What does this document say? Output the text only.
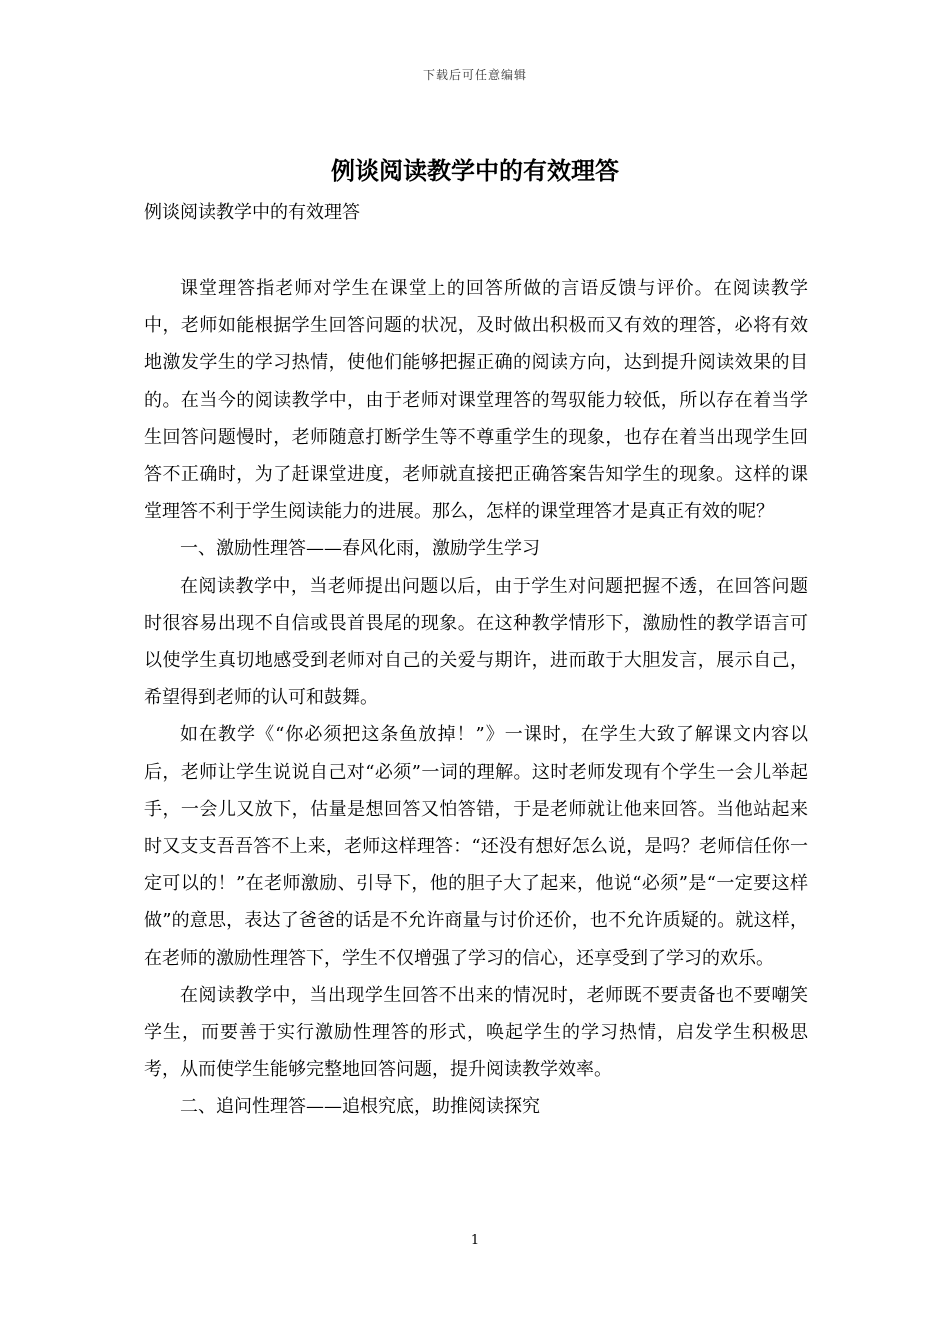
下载后可任意编辑
例谈阅读教学中的有效理答
例谈阅读教学中的有效理答

课堂理答指老师对学生在课堂上的回答所做的言语反馈与评价。在阅读教学中，老师如能根据学生回答问题的状况，及时做出积极而又有效的理答，必将有效地激发学生的学习热情，使他们能够把握正确的阅读方向，达到提升阅读效果的目的。在当今的阅读教学中，由于老师对课堂理答的驾驭能力较低，所以存在着当学生回答问题慢时，老师随意打断学生等不尊重学生的现象，也存在着当出现学生回答不正确时，为了赶课堂进度，老师就直接把正确答案告知学生的现象。这样的课堂理答不利于学生阅读能力的进展。那么，怎样的课堂理答才是真正有效的呢？

一、激励性理答——春风化雨，激励学生学习

在阅读教学中，当老师提出问题以后，由于学生对问题把握不透，在回答问题时很容易出现不自信或畏首畏尾的现象。在这种教学情形下，激励性的教学语言可以使学生真切地感受到老师对自己的关爱与期许，进而敢于大胆发言，展示自己，希望得到老师的认可和鼓舞。

如在教学《“你必须把这条鱼放掉！”》一课时，在学生大致了解课文内容以后，老师让学生说说自己对“必须”一词的理解。这时老师发现有个学生一会儿举起手，一会儿又放下，估量是想回答又怕答错，于是老师就让他来回答。当他站起来时又支支吾吾答不上来，老师这样理答：“还没有想好怎么说，是吗？老师信任你一定可以的！”在老师激励、引导下，他的胆子大了起来，他说“必须”是“一定要这样做”的意思，表达了爸爸的话是不允许商量与讨价还价，也不允许质疑的。就这样，在老师的激励性理答下，学生不仅增强了学习的信心，还享受到了学习的欢乐。

在阅读教学中，当出现学生回答不出来的情况时，老师既不要责备也不要嘲笑学生，而要善于实行激励性理答的形式，唤起学生的学习热情，启发学生积极思考，从而使学生能够完整地回答问题，提升阅读教学效率。

二、追问性理答——追根究底，助推阅读探究

1
